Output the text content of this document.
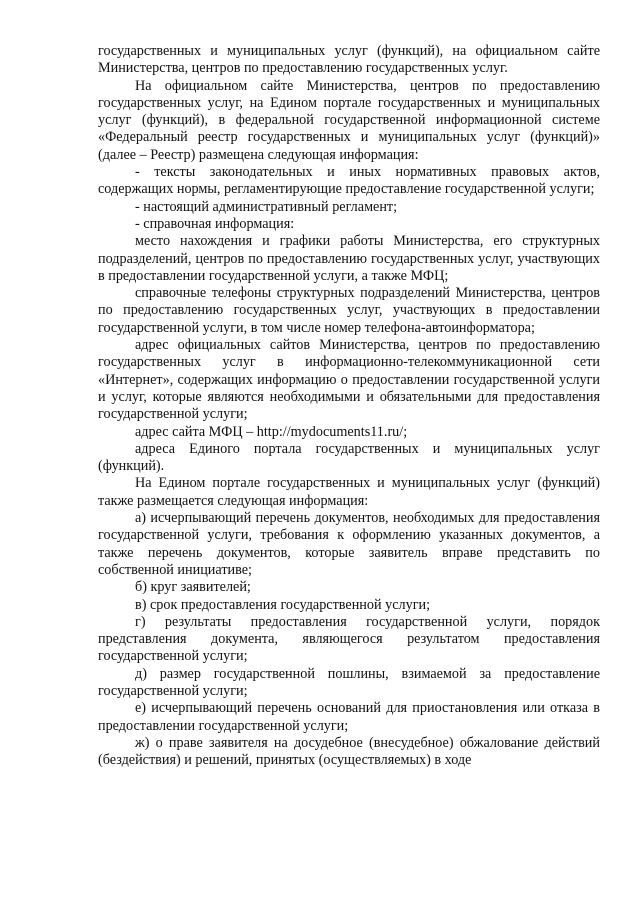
государственных и муниципальных услуг (функций), на официальном сайте Министерства, центров по предоставлению государственных услуг.

На официальном сайте Министерства, центров по предоставлению государственных услуг, на Едином портале государственных и муниципальных услуг (функций), в федеральной государственной информационной системе «Федеральный реестр государственных и муниципальных услуг (функций)» (далее – Реестр) размещена следующая информация:

- тексты законодательных и иных нормативных правовых актов, содержащих нормы, регламентирующие предоставление государственной услуги;

- настоящий административный регламент;

- справочная информация:

место нахождения и графики работы Министерства, его структурных подразделений, центров по предоставлению государственных услуг, участвующих в предоставлении государственной услуги, а также МФЦ;

справочные телефоны структурных подразделений Министерства, центров по предоставлению государственных услуг, участвующих в предоставлении государственной услуги, в том числе номер телефона-автоинформатора;

адрес официальных сайтов Министерства, центров по предоставлению государственных услуг в информационно-телекоммуникационной сети «Интернет», содержащих информацию о предоставлении государственной услуги и услуг, которые являются необходимыми и обязательными для предоставления государственной услуги;

адрес сайта МФЦ – http://mydocuments11.ru/;

адреса Единого портала государственных и муниципальных услуг (функций).

На Едином портале государственных и муниципальных услуг (функций) также размещается следующая информация:

а) исчерпывающий перечень документов, необходимых для предоставления государственной услуги, требования к оформлению указанных документов, а также перечень документов, которые заявитель вправе представить по собственной инициативе;

б) круг заявителей;

в) срок предоставления государственной услуги;

г) результаты предоставления государственной услуги, порядок представления документа, являющегося результатом предоставления государственной услуги;

д) размер государственной пошлины, взимаемой за предоставление государственной услуги;

е) исчерпывающий перечень оснований для приостановления или отказа в предоставлении государственной услуги;

ж) о праве заявителя на досудебное (внесудебное) обжалование действий (бездействия) и решений, принятых (осуществляемых) в ходе
